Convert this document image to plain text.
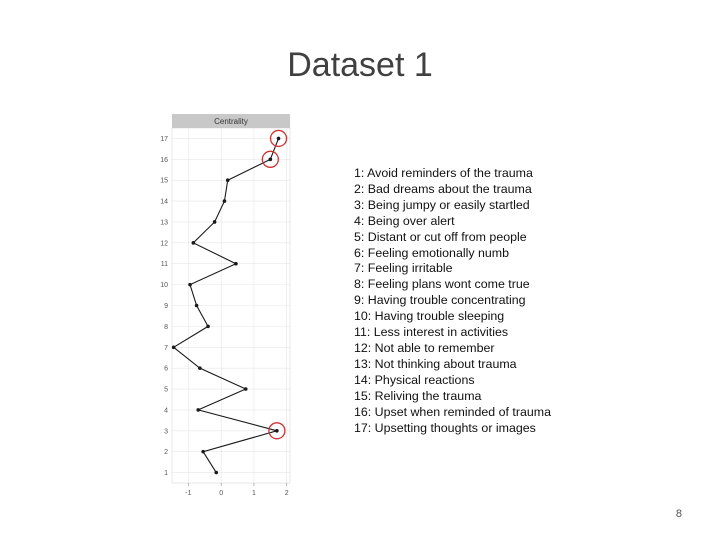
Dataset 1
Centrality
1
2
3
4
5
6
7
8
9
10
11
12
13
14
15
16
17
-1	0	1	2
1: Avoid reminders of the trauma
2: Bad dreams about the trauma
3: Being jumpy or easily startled
4: Being over alert
5: Distant or cut off from people
6: Feeling emotionally numb
7: Feeling irritable
8: Feeling plans wont come true
9: Having trouble concentrating
10: Having trouble sleeping
11: Less interest in activities
12: Not able to remember
13: Not thinking about trauma
14: Physical reactions
15: Reliving the trauma
16: Upset when reminded of trauma
17: Upsetting thoughts or images
8
